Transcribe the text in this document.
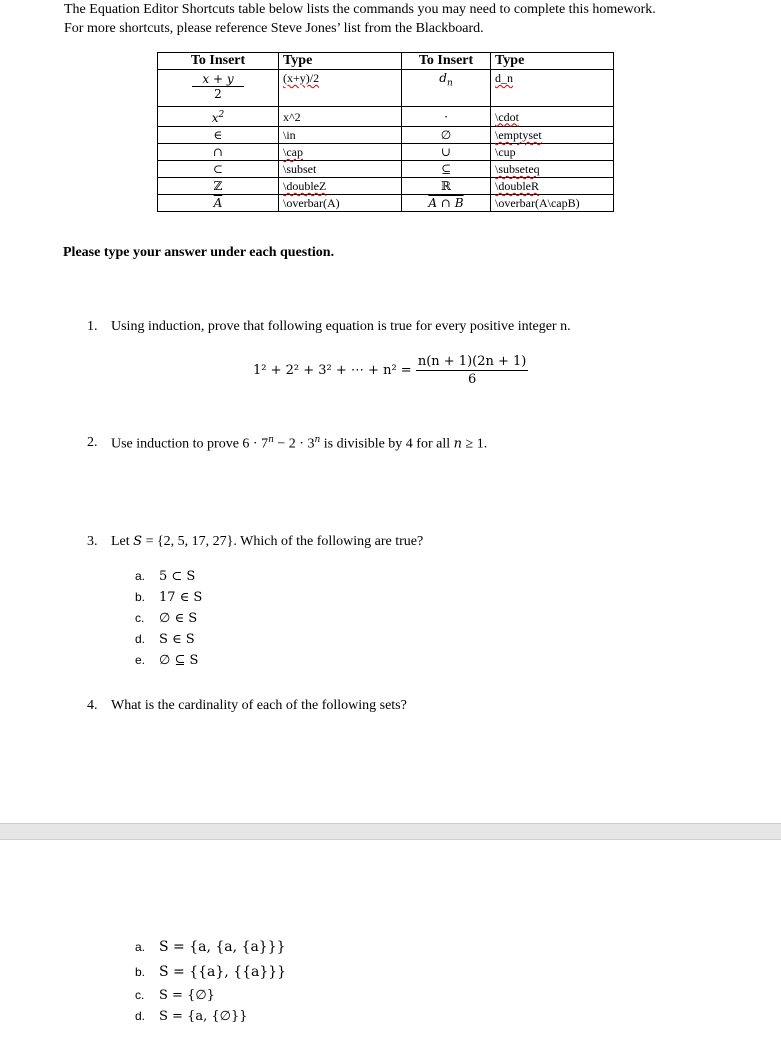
The Equation Editor Shortcuts table below lists the commands you may need to complete this homework.
For more shortcuts, please reference Steve Jones’ list from the Blackboard.
To Insert	Type	To Insert	Type

x + y
2	(x+y)/2	$d_n$	d_n
$x^2$	x^2	·	\cdot
∈	\in	∅	\emptyset
∩	\cap	∪	\cup
⊂	\subset	⊆	\subseteq
ℤ	\doubleZ	ℝ	\doubleR
$\overline{A}$	\overbar(A)	A ∩ B	\overbar(A\capB)
Please type your answer under each question.
1. Using induction, prove that following equation is true for every positive integer n.
1² + 2² + 3² + ⋯ + $n^2 = \frac{n(n + 1)(2n + 1)}{6}$
2. Use induction to prove $6 \cdot 7^n - 2 \cdot 3^n$ is divisible by 4 for all n ≥ 1.
3. Let S = {2, 5, 17, 27}. Which of the following are true?
a. 5 ⊂ S
b. 17 ∈ S
c. ∅ ∈ S
d. S ∈ S
e. ∅ ⊆ S
4. What is the cardinality of each of the following sets?
a. S = {a, {a, {a}}}
b. S = {{a}, {{a}}}
c. S = {∅}
d. S = {a, {∅}}
